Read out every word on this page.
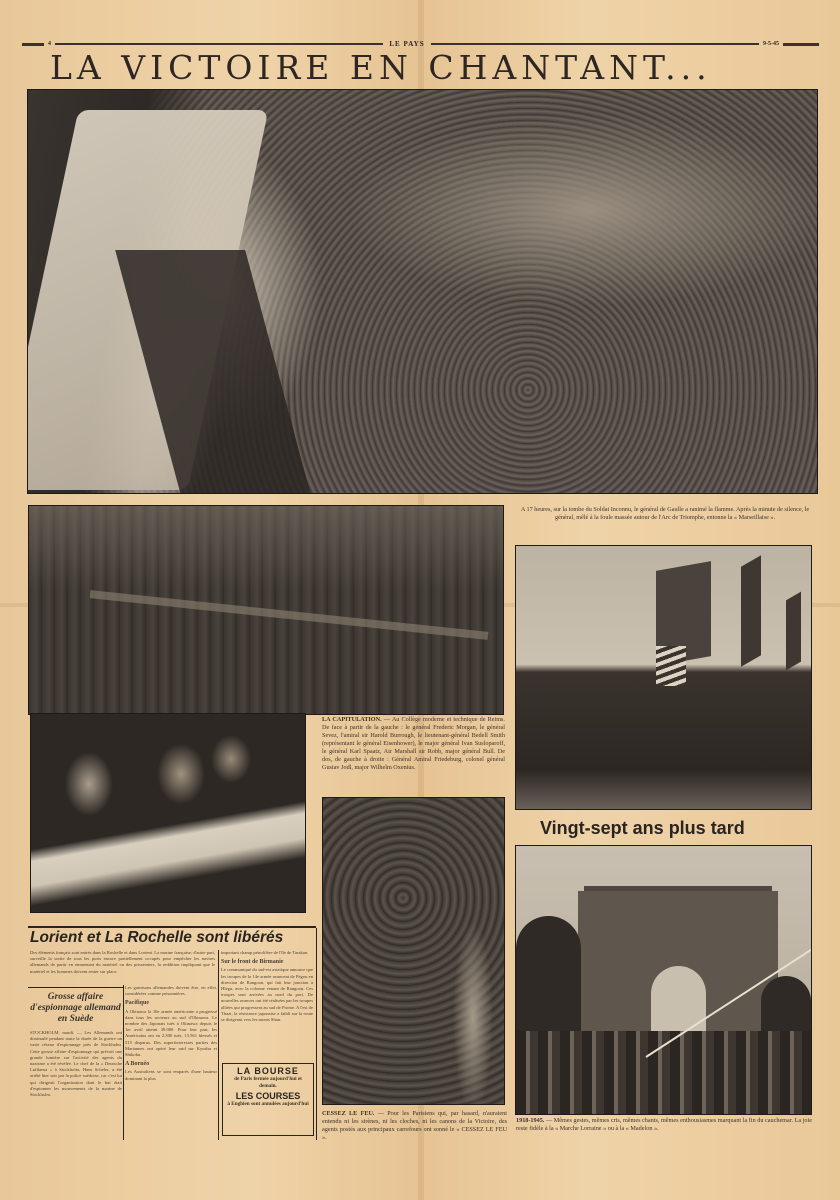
4	LE PAYS	9-5-45
LA VICTOIRE EN CHANTANT...
A 17 heures, sur la tombe du Soldat Inconnu, le général de Gaulle a ranimé la flamme. Après la minute de silence, le général, mêlé à la foule massée autour de l'Arc de Triomphe, entonne la « Marseillaise ».
LA CAPITULATION. — Au Collège moderne et technique de Reims. De face à partir de la gauche : le général Frederic Morgan, le général Sevez, l'amiral sir Harold Burrough, le lieutenant-général Bedell Smith (représentant le général Eisenhower), le major général Ivan Susloparoff, le général Karl Spaatz, Air Marshall sir Robb, major général Bull. De dos, de gauche à droite : Général Amiral Friedeburg, colonel général Gustav Jodl, major Wilhelm Oxenius.
Vingt-sept ans plus tard
Lorient et La Rochelle sont libérés
Des éléments français sont entrés dans la Rochelle et dans Lorient. La marine française, d'autre part, surveille la sortie de tous les ports encore partiellement occupés pour empêcher les navires allemands de partir en emmenant du matériel ou des prisonniers, la reddition impliquant que le matériel et les hommes doivent rester sur place.
Grosse affaire d'espionnage allemand en Suède
STOCKHOLM, mardi. — Les Allemands ont dissimulé pendant toute la durée de la guerre un vaste réseau d'espionnage près de Stockholm. Cette grosse affaire d'espionnage qui prévoit une grande lumière sur l'activité des agents du nazisme a été révélée. Le chef de la « Deutsche Luftlansa » à Stockholm, Hans Scheler, a été arrêté hier soir par la police suédoise, car c'est lui qui dirigeait l'organisation dont le but était d'espionner les mouvements de la marine de Stockholm.
Les garnisons allemandes doivent être, en effet, considérées comme prisonnières.
Pacifique
A Okinawa la 10e armée américaine a progressé dans tous les secteurs au sud d'Okinawa. Le nombre des Japonais tués à Okinawa depuis le 1er avril atteint 39.000. Pour leur part, les Américains ont eu 2.300 tués, 13.561 blessés et 515 disparus. Des superforteresses parties des Mariannes ont opéré leur raid sur Kyushu et Shikoku.
A Bornéo
Les Australiens se sont emparés d'une hauteur dominant la plus
important champ pétrolifère de l'île de Tarakan.
Sur le front de Birmanie
Le communiqué du sud-est asiatique annonce que les troupes de la 14e armée avancent de Pégou en direction de Rangoon, qui fait leur jonction à Hlegu, avec la colonne venant de Rangoon. Ces troupes sont arrivées au nord du port. De nouvelles avances ont été réalisées par les troupes alliées qui progressent au sud de Prome. A l'est de Thazi, la résistance japonaise a faibli sur la route se dirigeant vers les monts Shan.
LA BOURSE
de Paris fermée aujourd'hui et demain.
LES COURSES
à Enghien sont annulées aujourd'hui
CESSEZ LE FEU. — Pour les Parisiens qui, par hasard, n'auraient entendu ni les sirènes, ni les cloches, ni les canons de la Victoire, des agents postés aux principaux carrefours ont sonné le « CESSEZ LE FEU ».
1918-1945. — Mêmes gestes, mêmes cris, mêmes chants, mêmes enthousiasmes marquant la fin du cauchemar. La joie reste fidèle à la « Marche Lorraine » ou à la « Madelon ».
